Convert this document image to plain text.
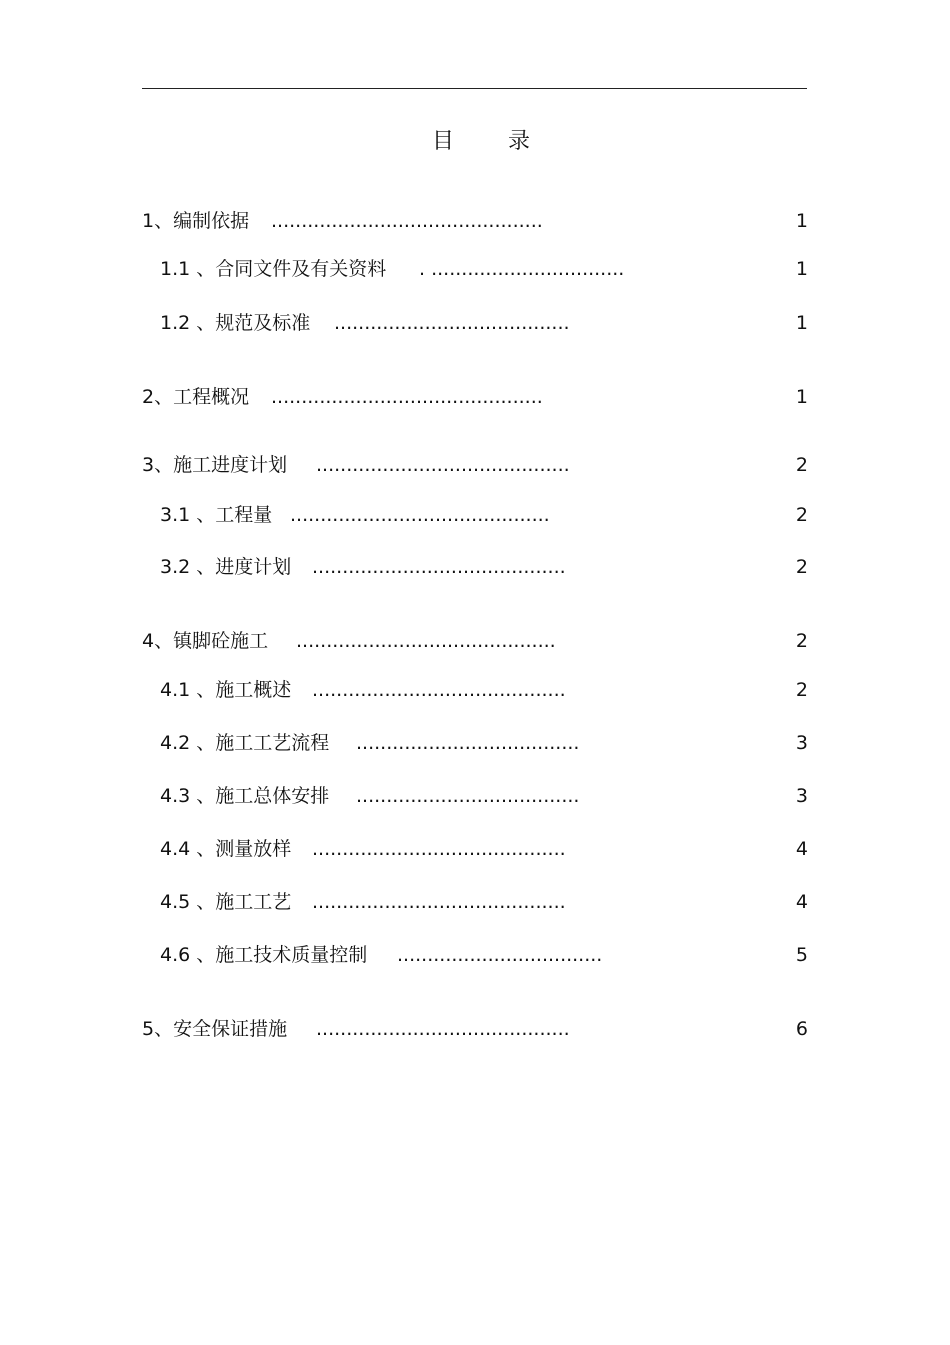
目 录
1、编制依据 .............................................	1
1.1 、合同文件及有关资料 . ................................	1
1.2 、规范及标准 .......................................	1
2、工程概况 .............................................	1
3、施工进度计划 ..........................................	2
3.1 、工程量 ...........................................	2
3.2 、进度计划 ..........................................	2
4、镇脚砼施工 ...........................................	2
4.1 、施工概述 ..........................................	2
4.2 、施工工艺流程 .....................................	3
4.3 、施工总体安排 .....................................	3
4.4 、测量放样 ..........................................	4
4.5 、施工工艺 ..........................................	4
4.6 、施工技术质量控制 ..................................	5
5、安全保证措施 ..........................................	6
